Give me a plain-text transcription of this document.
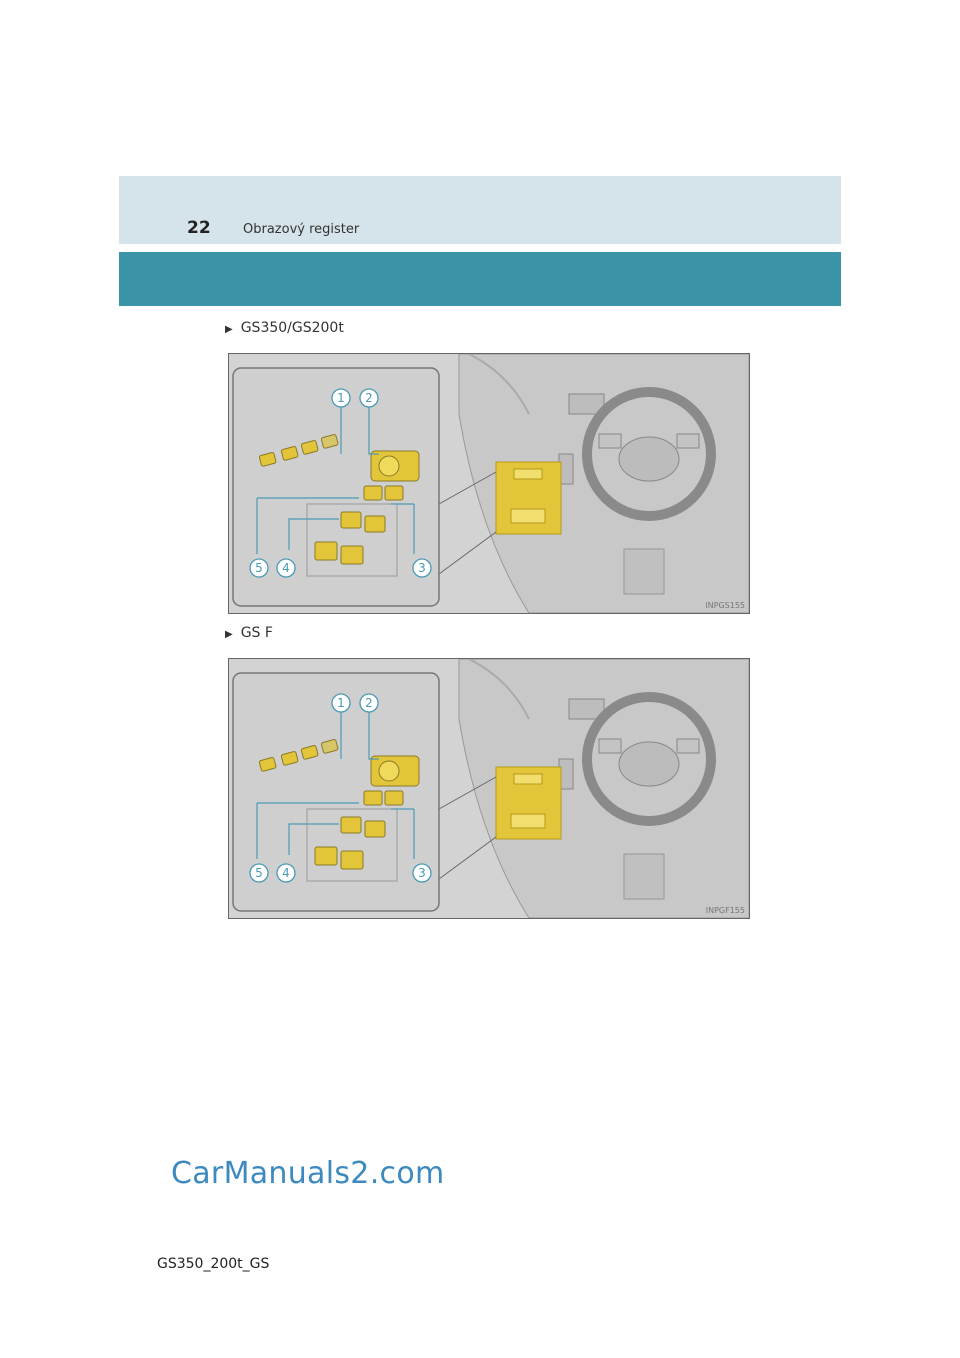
22 Obrazový register
▶ GS350/GS200t
1 2
3
4
5
INPGS155
▶ GS F
1 2
3
4
5
INPGF155
CarManuals2.com
GS350_200t_GS
